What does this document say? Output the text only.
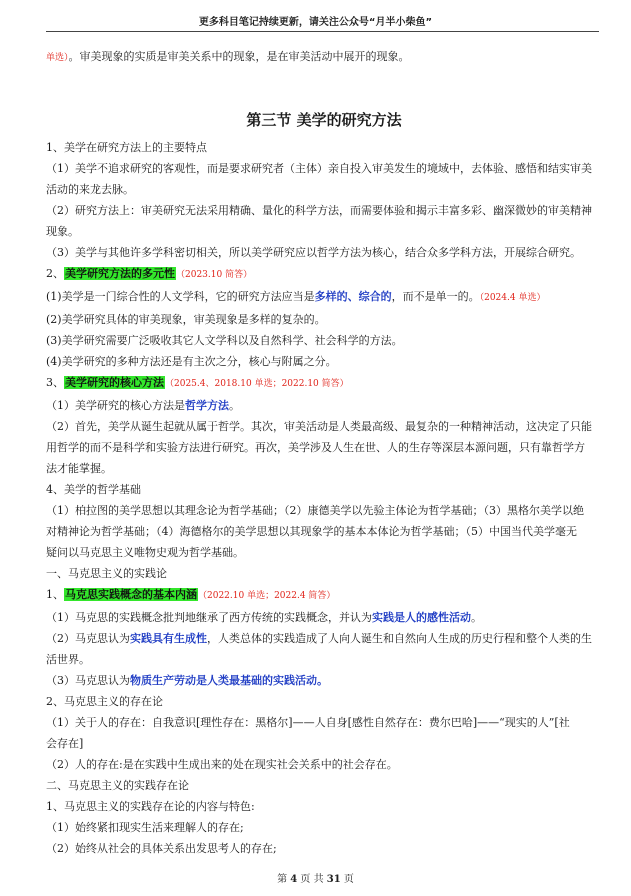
更多科目笔记持续更新，请关注公众号“月半小柴鱼”
单选）。审美现象的实质是审美关系中的现象，是在审美活动中展开的现象。
第三节 美学的研究方法
1、美学在研究方法上的主要特点
（1）美学不追求研究的客观性，而是要求研究者（主体）亲自投入审美发生的境域中，去体验、感悟和结实审美
活动的来龙去脉。
（2）研究方法上：审美研究无法采用精确、量化的科学方法，而需要体验和揭示丰富多彩、幽深微妙的审美精神
现象。
（3）美学与其他许多学科密切相关，所以美学研究应以哲学方法为核心，结合众多学科方法，开展综合研究。
2、美学研究方法的多元性（2023.10 简答）
(1)美学是一门综合性的人文学科，它的研究方法应当是多样的、综合的，而不是单一的。（2024.4 单选）
(2)美学研究具体的审美现象，审美现象是多样的复杂的。
(3)美学研究需要广泛吸收其它人文学科以及自然科学、社会科学的方法。
(4)美学研究的多种方法还是有主次之分，核心与附属之分。
3、美学研究的核心方法（2025.4、2018.10 单选；2022.10 简答）
（1）美学研究的核心方法是哲学方法。
（2）首先，美学从诞生起就从属于哲学。其次，审美活动是人类最高级、最复杂的一种精神活动，这决定了只能
用哲学的而不是科学和实验方法进行研究。再次，美学涉及人生在世、人的生存等深层本源问题，只有靠哲学方
法才能掌握。
4、美学的哲学基础
（1）柏拉图的美学思想以其理念论为哲学基础；（2）康德美学以先验主体论为哲学基础；（3）黑格尔美学以绝
对精神论为哲学基础；（4）海德格尔的美学思想以其现象学的基本本体论为哲学基础；（5）中国当代美学毫无
疑问以马克思主义唯物史观为哲学基础。
一、马克思主义的实践论
1、马克思实践概念的基本内涵（2022.10 单选；2022.4 简答）
（1）马克思的实践概念批判地继承了西方传统的实践概念，并认为实践是人的感性活动。
（2）马克思认为实践具有生成性，人类总体的实践造成了人向人诞生和自然向人生成的历史行程和整个人类的生
活世界。
（3）马克思认为物质生产劳动是人类最基础的实践活动。
2、马克思主义的存在论
（1）关于人的存在：自我意识[理性存在：黑格尔]——人自身[感性自然存在：费尔巴哈]——“现实的人”[社
会存在]
（2）人的存在:是在实践中生成出来的处在现实社会关系中的社会存在。
二、马克思主义的实践存在论
1、马克思主义的实践存在论的内容与特色:
（1）始终紧扣现实生活来理解人的存在;
（2）始终从社会的具体关系出发思考人的存在;
第 4 页 共 31 页
